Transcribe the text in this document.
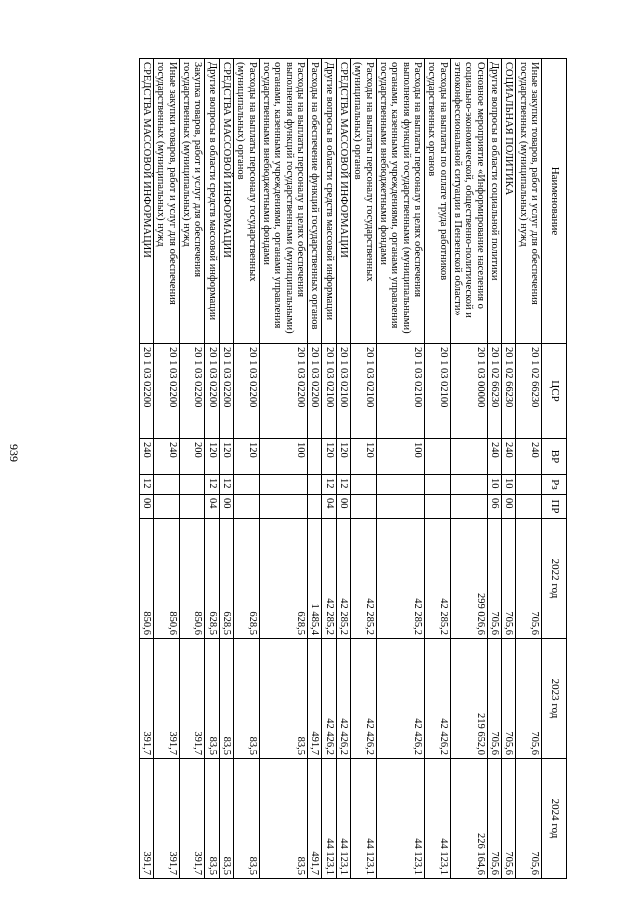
939
Наименование	ЦСР	ВР	Рз	ПР	2022 год	2023 год	2024 год
Иные закупки товаров, работ и услуг для обеспечения государственных (муниципальных) нужд	20 1 02 66230	240			705,6	705,6	705,6
СОЦИАЛЬНАЯ ПОЛИТИКА	20 1 02 66230	240	10	00	705,6	705,6	705,6
Другие вопросы в области социальной политики	20 1 02 66230	240	10	06	705,6	705,6	705,6
Основное мероприятие «Информирование населения о социально-экономической, общественно-политической и этноконфессиональной ситуации в Пензенской области»	20 1 03 00000				299 026,6	219 652,0	226 164,6
Расходы на выплаты по оплате труда работников государственных органов	20 1 03 02100				42 285,2	42 426,2	44 123,1
Расходы на выплаты персоналу в целях обеспечения выполнения функций государственными (муниципальными) органами, казенными учреждениями, органами управления государственными внебюджетными фондами	20 1 03 02100	100			42 285,2	42 426,2	44 123,1
Расходы на выплаты персоналу государственных (муниципальных) органов	20 1 03 02100	120			42 285,2	42 426,2	44 123,1
СРЕДСТВА МАССОВОЙ ИНФОРМАЦИИ	20 1 03 02100	120	12	00	42 285,2	42 426,2	44 123,1
Другие вопросы в области средств массовой информации	20 1 03 02100	120	12	04	42 285,2	42 426,2	44 123,1
Расходы на обеспечение функций государственных органов	20 1 03 02200				1 485,4	491,7	491,7
Расходы на выплаты персоналу в целях обеспечения выполнения функций государственными (муниципальными) органами, казенными учреждениями, органами управления государственными внебюджетными фондами	20 1 03 02200	100			628,5	83,5	83,5
Расходы на выплаты персоналу государственных (муниципальных) органов	20 1 03 02200	120			628,5	83,5	83,5
СРЕДСТВА МАССОВОЙ ИНФОРМАЦИИ	20 1 03 02200	120	12	00	628,5	83,5	83,5
Другие вопросы в области средств массовой информации	20 1 03 02200	120	12	04	628,5	83,5	83,5
Закупка товаров, работ и услуг для обеспечения государственных (муниципальных) нужд	20 1 03 02200	200			850,6	391,7	391,7
Иные закупки товаров, работ и услуг для обеспечения государственных (муниципальных) нужд	20 1 03 02200	240			850,6	391,7	391,7
СРЕДСТВА МАССОВОЙ ИНФОРМАЦИИ	20 1 03 02200	240	12	00	850,6	391,7	391,7
